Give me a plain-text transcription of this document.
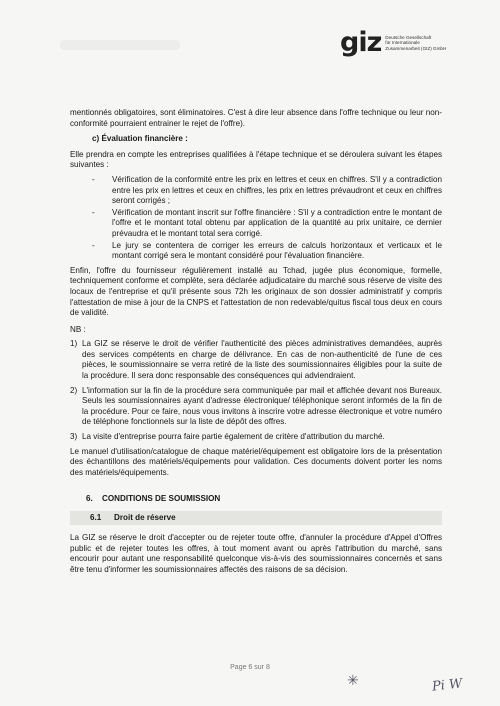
giz Deutsche Gesellschaft
für Internationale
Zusammenarbeit (GIZ) GmbH

mentionnés obligatoires, sont éliminatoires. C'est à dire leur absence dans l'offre technique ou leur non-conformité pourraient entrainer le rejet de l'offre).

c) Évaluation financière :

Elle prendra en compte les entreprises qualifiées à l'étape technique et se déroulera suivant les étapes suivantes :

- Vérification de la conformité entre les prix en lettres et ceux en chiffres. S'il y a contradiction entre les prix en lettres et ceux en chiffres, les prix en lettres prévaudront et ceux en chiffres seront corrigés ;
- Vérification de montant inscrit sur l'offre financière : S'il y a contradiction entre le montant de l'offre et le montant total obtenu par application de la quantité au prix unitaire, ce dernier prévaudra et le montant total sera corrigé.
- Le jury se contentera de corriger les erreurs de calculs horizontaux et verticaux et le montant corrigé sera le montant considéré pour l'évaluation financière.

Enfin, l'offre du fournisseur régulièrement installé au Tchad, jugée plus économique, formelle, techniquement conforme et complète, sera déclarée adjudicataire du marché sous réserve de visite des locaux de l'entreprise et qu'il présente sous 72h les originaux de son dossier administratif y compris l'attestation de mise à jour de la CNPS et l'attestation de non redevable/quitus fiscal tous deux en cours de validité.

NB :

1) La GIZ se réserve le droit de vérifier l'authenticité des pièces administratives demandées, auprès des services compétents en charge de délivrance. En cas de non-authenticité de l'une de ces pièces, le soumissionnaire se verra retiré de la liste des soumissionnaires éligibles pour la suite de la procédure. Il sera donc responsable des conséquences qui adviendraient.
2) L'information sur la fin de la procédure sera communiquée par mail et affichée devant nos Bureaux. Seuls les soumissionnaires ayant d'adresse électronique/ téléphonique seront informés de la fin de la procédure. Pour ce faire, nous vous invitons à inscrire votre adresse électronique et votre numéro de téléphone fonctionnels sur la liste de dépôt des offres.
3) La visite d'entreprise pourra faire partie également de critère d'attribution du marché.

Le manuel d'utilisation/catalogue de chaque matériel/équipement est obligatoire lors de la présentation des échantillons des matériels/équipements pour validation. Ces documents doivent porter les noms des matériels/équipements.

6.	CONDITIONS DE SOUMISSION

6.1	Droit de réserve

La GIZ se réserve le droit d'accepter ou de rejeter toute offre, d'annuler la procédure d'Appel d'Offres public et de rejeter toutes les offres, à tout moment avant ou après l'attribution du marché, sans encourir pour autant une responsabilité quelconque vis-à-vis des soumissionnaires concernés et sans être tenu d'informer les soumissionnaires affectés des raisons de sa décision.

Page 6 sur 8
✳	Pi W
